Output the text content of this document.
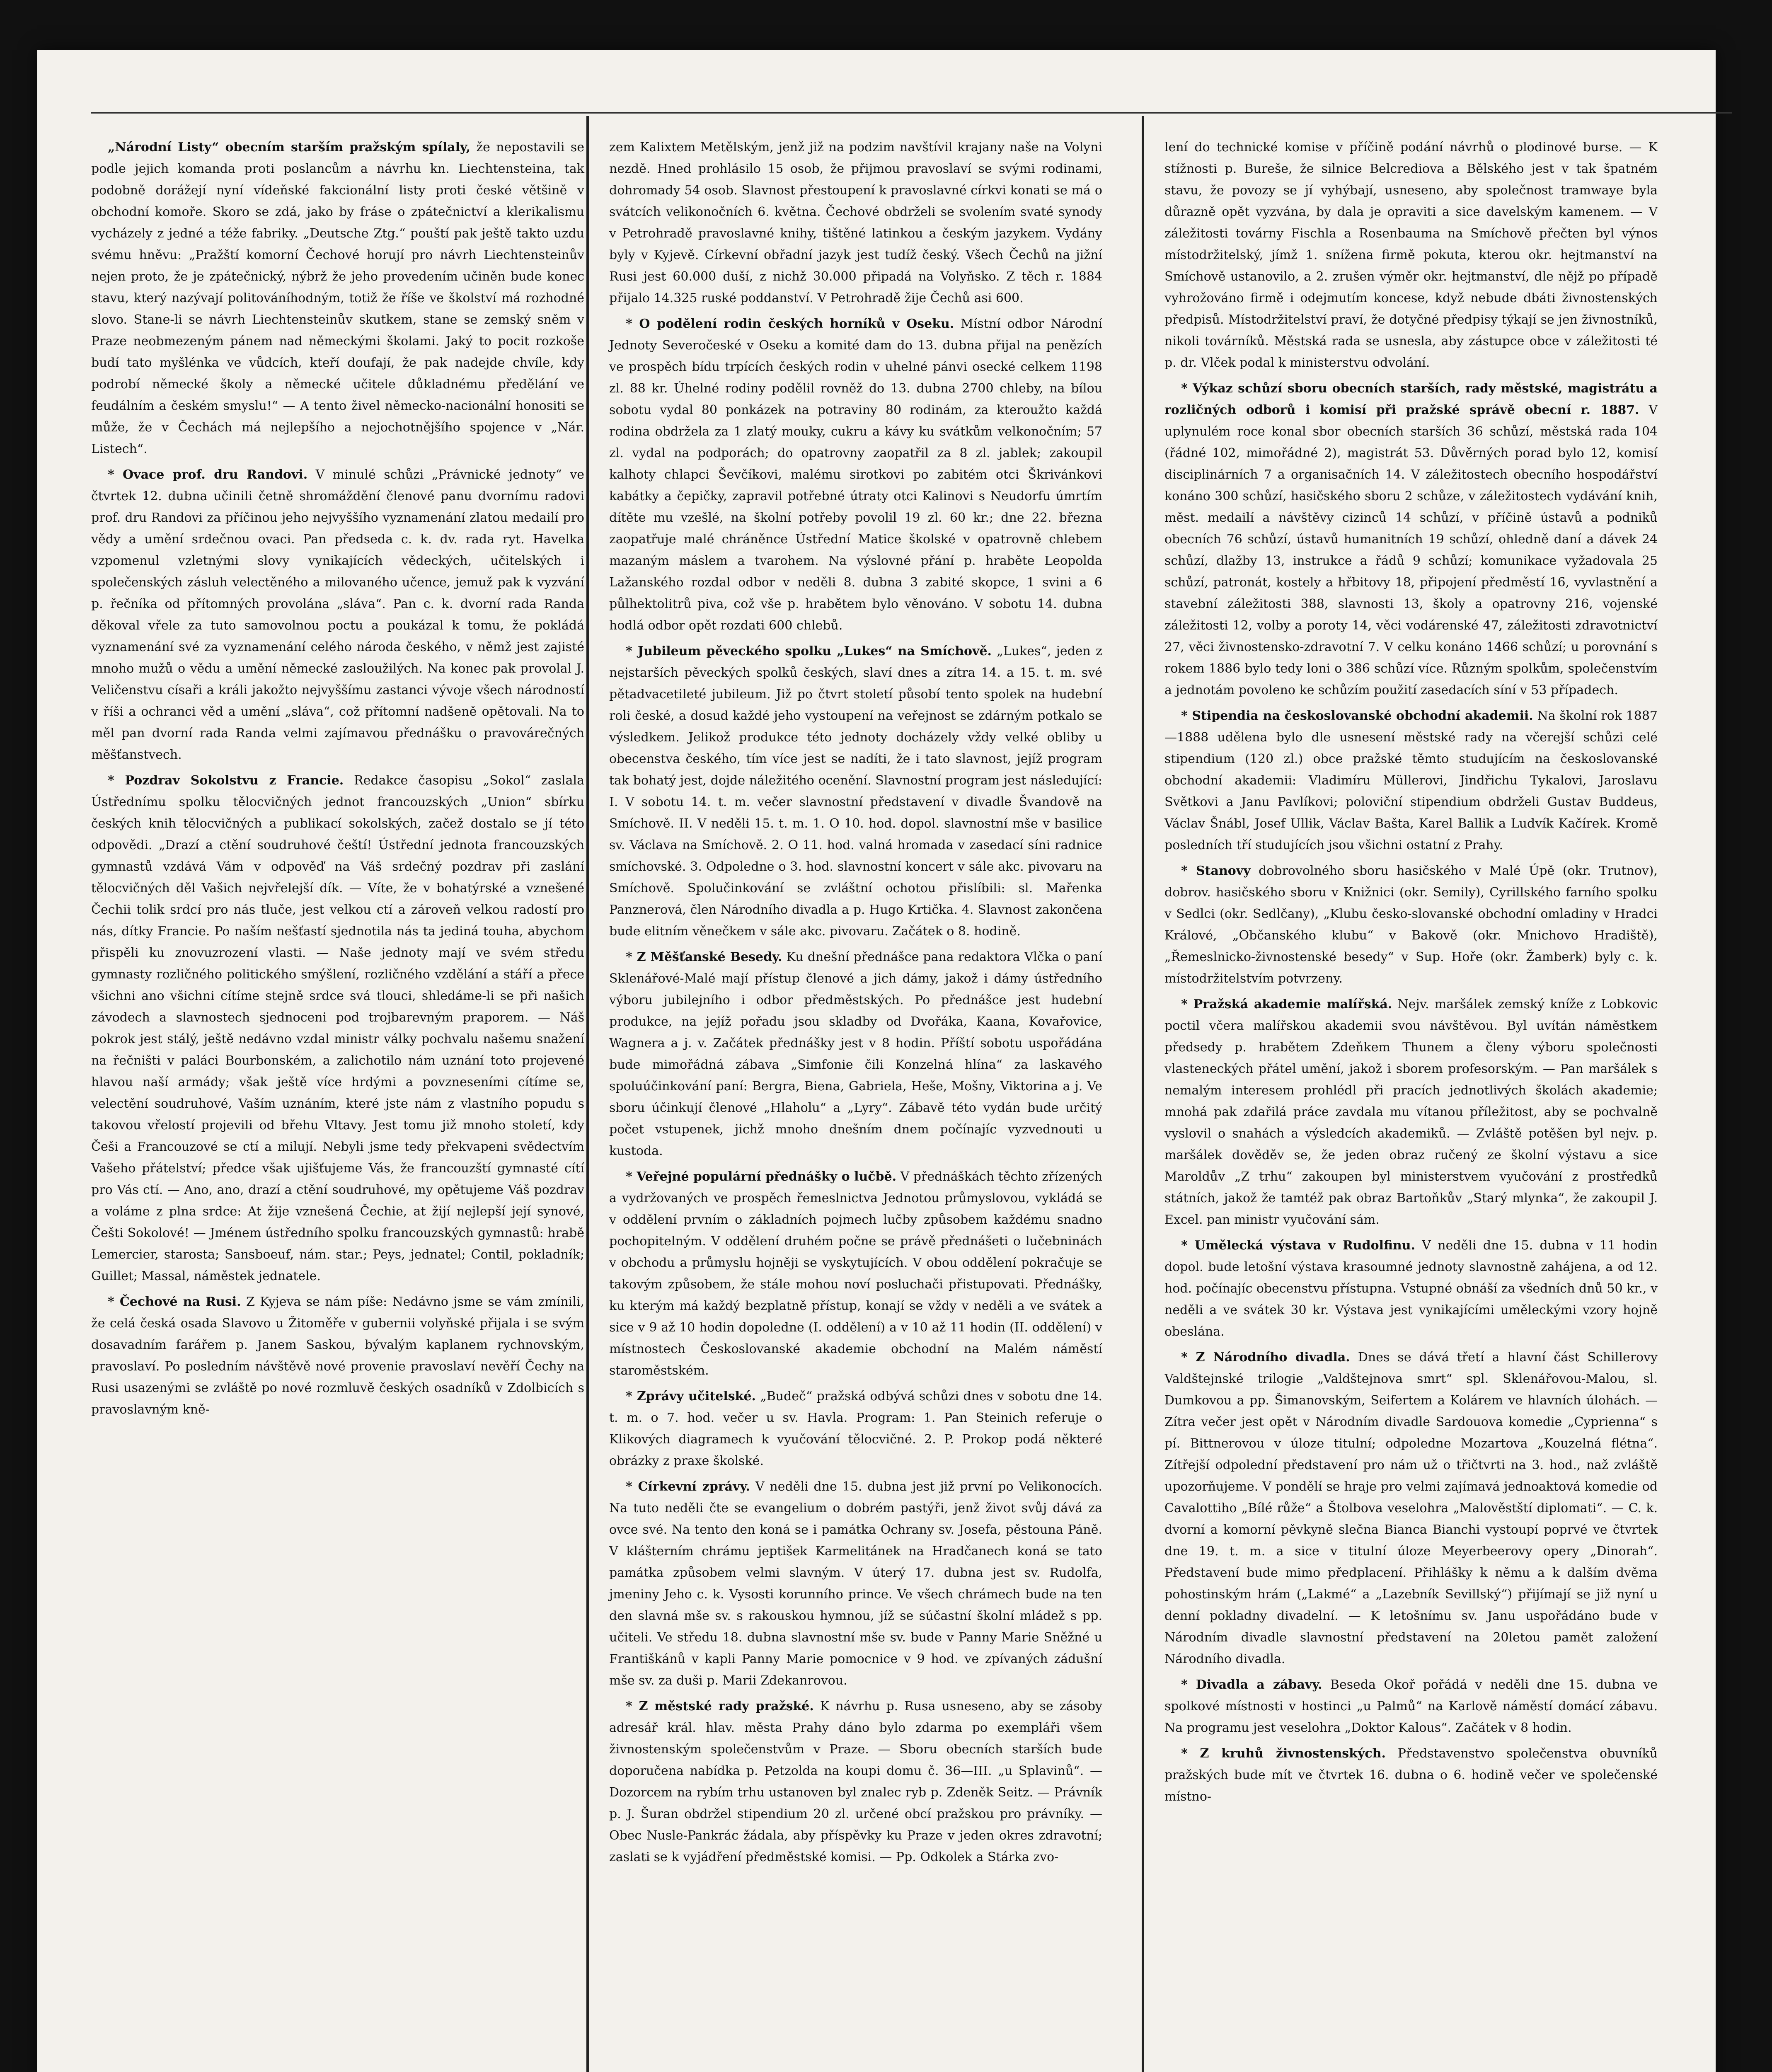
„Národní Listy“ obecním starším pražským spílaly, že nepostavili se podle jejich komanda proti poslancům a návrhu kn. Liechtensteina, tak podobně dorážejí nyní vídeňské fakcionální listy proti české většině v obchodní komoře. Skoro se zdá, jako by fráse o zpátečnictví a klerikalismu vycházely z jedné a téže fabriky. „Deutsche Ztg.“ pouští pak ještě takto uzdu svému hněvu: „Pražští komorní Čechové horují pro návrh Liechtensteinův nejen proto, že je zpátečnický, nýbrž že jeho provedením učiněn bude konec stavu, který nazývají politováníhodným, totiž že říše ve školství má rozhodné slovo. Stane-li se návrh Liechtensteinův skutkem, stane se zemský sněm v Praze neobmezeným pánem nad německými školami. Jaký to pocit rozkoše budí tato myšlénka ve vůdcích, kteří doufají, že pak nadejde chvíle, kdy podrobí německé školy a německé učitele důkladnému předělání ve feudálním a českém smyslu!“ — A tento živel německo-nacionální honositi se může, že v Čechách má nejlepšího a nejochotnějšího spojence v „Nár. Listech“.

* Ovace prof. dru Randovi. V minulé schůzi „Právnické jednoty“ ve čtvrtek 12. dubna učinili četně shromáždění členové panu dvornímu radovi prof. dru Randovi za příčinou jeho nejvyššího vyznamenání zlatou medailí pro vědy a umění srdečnou ovaci. Pan předseda c. k. dv. rada ryt. Havelka vzpomenul vzletnými slovy vynikajících vědeckých, učitelských i společenských zásluh velectěného a milovaného učence, jemuž pak k vyzvání p. řečníka od přítomných provolána „sláva“. Pan c. k. dvorní rada Randa děkoval vřele za tuto samovolnou poctu a poukázal k tomu, že pokládá vyznamenání své za vyznamenání celého národa českého, v němž jest zajisté mnoho mužů o vědu a umění německé zasloužilých. Na konec pak provolal J. Veličenstvu císaři a králi jakožto nejvyššímu zastanci vývoje všech národností v říši a ochranci věd a umění „sláva“, což přítomní nadšeně opětovali. Na to měl pan dvorní rada Randa velmi zajímavou přednášku o pravovárečných měšťanstvech.

* Pozdrav Sokolstvu z Francie. Redakce časopisu „Sokol“ zaslala Ústřednímu spolku tělocvičných jednot francouzských „Union“ sbírku českých knih tělocvičných a publikací sokolských, začež dostalo se jí této odpovědi. „Drazí a ctění soudruhové čeští! Ústřední jednota francouzských gymnastů vzdává Vám v odpověď na Váš srdečný pozdrav při zaslání tělocvičných děl Vašich nejvřelejší dík. — Víte, že v bohatýrské a vznešené Čechii tolik srdcí pro nás tluče, jest velkou ctí a zároveň velkou radostí pro nás, dítky Francie. Po naším nešťastí sjednotila nás ta jediná touha, abychom přispěli ku znovuzrození vlasti. — Naše jednoty mají ve svém středu gymnasty rozličného politického smýšlení, rozličného vzdělání a stáří a přece všichni ano všichni cítíme stejně srdce svá tlouci, shledáme-li se při našich závodech a slavnostech sjednoceni pod trojbarevným praporem. — Náš pokrok jest stálý, ještě nedávno vzdal ministr války pochvalu našemu snažení na řečništi v paláci Bourbonském, a zalichotilo nám uznání toto projevené hlavou naší armády; však ještě více hrdými a povzneseními cítíme se, velectění soudruhové, Vaším uznáním, které jste nám z vlastního popudu s takovou vřelostí projevili od břehu Vltavy. Jest tomu již mnoho století, kdy Češi a Francouzové se ctí a milují. Nebyli jsme tedy překvapeni svědectvím Vašeho přátelství; předce však ujišťujeme Vás, že francouzští gymnasté cítí pro Vás ctí. — Ano, ano, drazí a ctění soudruhové, my opětujeme Váš pozdrav a voláme z plna srdce: At žije vznešená Čechie, at žijí nejlepší její synové, Češti Sokolové! — Jménem ústředního spolku francouzských gymnastů: hrabě Lemercier, starosta; Sansboeuf, nám. star.; Peys, jednatel; Contil, pokladník; Guillet; Massal, náměstek jednatele.

* Čechové na Rusi. Z Kyjeva se nám píše: Nedávno jsme se vám zmínili, že celá česká osada Slavovo u Žitoměře v gubernii volyňské přijala i se svým dosavadním farářem p. Janem Saskou, bývalým kaplanem rychnovským, pravoslaví. Po posledním návštěvě nové provenie pravoslaví nevěří Čechy na Rusi usazenými se zvláště po nové rozmluvě českých osadníků v Zdolbicích s pravoslavným kně-

zem Kalixtem Metělským, jenž již na podzim navštívil krajany naše na Volyni nezdě. Hned prohlásilo 15 osob, že přijmou pravoslaví se svými rodinami, dohromady 54 osob. Slavnost přestoupení k pravoslavné církvi konati se má o svátcích velikonočních 6. května. Čechové obdrželi se svolením svaté synody v Petrohradě pravoslavné knihy, tištěné latinkou a českým jazykem. Vydány byly v Kyjevě. Církevní obřadní jazyk jest tudíž český. Všech Čechů na jižní Rusi jest 60.000 duší, z nichž 30.000 připadá na Volyňsko. Z těch r. 1884 přijalo 14.325 ruské poddanství. V Petrohradě žije Čechů asi 600.

* O podělení rodin českých horníků v Oseku. Místní odbor Národní Jednoty Severočeské v Oseku a komité dam do 13. dubna přijal na penězích ve prospěch bídu trpících českých rodin v uhelné pánvi osecké celkem 1198 zl. 88 kr. Úhelné rodiny podělil rovněž do 13. dubna 2700 chleby, na bílou sobotu vydal 80 ponkázek na potraviny 80 rodinám, za kteroužto každá rodina obdržela za 1 zlatý mouky, cukru a kávy ku svátkům velkonočním; 57 zl. vydal na podporách; do opatrovny zaopatřil za 8 zl. jablek; zakoupil kalhoty chlapci Ševčíkovi, malému sirotkovi po zabitém otci Škrivánkovi kabátky a čepičky, zapravil potřebné útraty otci Kalinovi s Neudorfu úmrtím dítěte mu vzešlé, na školní potřeby povolil 19 zl. 60 kr.; dne 22. března zaopatřuje malé chráněnce Ústřední Matice školské v opatrovně chlebem mazaným máslem a tvarohem. Na výslovné přání p. hraběte Leopolda Lažanského rozdal odbor v neděli 8. dubna 3 zabité skopce, 1 svini a 6 půlhektolitrů piva, což vše p. hrabětem bylo věnováno. V sobotu 14. dubna hodlá odbor opět rozdati 600 chlebů.

* Jubileum pěveckého spolku „Lukes“ na Smíchově. „Lukes“, jeden z nejstarších pěveckých spolků českých, slaví dnes a zítra 14. a 15. t. m. své pětadvacetileté jubileum. Již po čtvrt století působí tento spolek na hudební roli české, a dosud každé jeho vystoupení na veřejnost se zdárným potkalo se výsledkem. Jelikož produkce této jednoty docházely vždy velké obliby u obecenstva českého, tím více jest se nadíti, že i tato slavnost, jejíž program tak bohatý jest, dojde náležitého ocenění. Slavnostní program jest následující: I. V sobotu 14. t. m. večer slavnostní představení v divadle Švandově na Smíchově. II. V neděli 15. t. m. 1. O 10. hod. dopol. slavnostní mše v basilice sv. Václava na Smíchově. 2. O 11. hod. valná hromada v zasedací síni radnice smíchovské. 3. Odpoledne o 3. hod. slavnostní koncert v sále akc. pivovaru na Smíchově. Spolučinkování se zvláštní ochotou přislíbili: sl. Mařenka Panznerová, člen Národního divadla a p. Hugo Krtička. 4. Slavnost zakončena bude elitním věnečkem v sále akc. pivovaru. Začátek o 8. hodině.

* Z Měšťanské Besedy. Ku dnešní přednášce pana redaktora Vlčka o paní Sklenářové-Malé mají přístup členové a jich dámy, jakož i dámy ústředního výboru jubilejního i odbor předměstských. Po přednášce jest hudební produkce, na jejíž pořadu jsou skladby od Dvořáka, Kaana, Kovařovice, Wagnera a j. v. Začátek přednášky jest v 8 hodin. Příští sobotu uspořádána bude mimořádná zábava „Simfonie čili Konzelná hlína“ za laskavého spoluúčinkování paní: Bergra, Biena, Gabriela, Heše, Mošny, Viktorina a j. Ve sboru účinkují členové „Hlaholu“ a „Lyry“. Zábavě této vydán bude určitý počet vstupenek, jichž mnoho dnešním dnem počínajíc vyzvednouti u kustoda.

* Veřejné populární přednášky o lučbě. V přednáškách těchto zřízených a vydržovaných ve prospěch řemeslnictva Jednotou průmyslovou, vykládá se v oddělení prvním o základních pojmech lučby způsobem každému snadno pochopitelným. V oddělení druhém počne se právě přednášeti o lučebninách v obchodu a průmyslu hojněji se vyskytujících. V obou oddělení pokračuje se takovým způsobem, že stále mohou noví posluchači přistupovati. Přednášky, ku kterým má každý bezplatně přístup, konají se vždy v neděli a ve svátek a sice v 9 až 10 hodin dopoledne (I. oddělení) a v 10 až 11 hodin (II. oddělení) v místnostech Českoslovanské akademie obchodní na Malém náměstí staroměstském.

* Zprávy učitelské. „Budeč“ pražská odbývá schůzi dnes v sobotu dne 14. t. m. o 7. hod. večer u sv. Havla. Program: 1. Pan Steinich referuje o Klikových diagramech k vyučování tělocvičné. 2. P. Prokop podá některé obrázky z praxe školské.

* Církevní zprávy. V neděli dne 15. dubna jest již první po Velikonocích. Na tuto neděli čte se evangelium o dobrém pastýři, jenž život svůj dává za ovce své. Na tento den koná se i památka Ochrany sv. Josefa, pěstouna Páně. V klášterním chrámu jeptišek Karmelitánek na Hradčanech koná se tato památka způsobem velmi slavným. V úterý 17. dubna jest sv. Rudolfa, jmeniny Jeho c. k. Vysosti korunního prince. Ve všech chrámech bude na ten den slavná mše sv. s rakouskou hymnou, jíž se súčastní školní mládež s pp. učiteli. Ve středu 18. dubna slavnostní mše sv. bude v Panny Marie Sněžné u Františkánů v kapli Panny Marie pomocnice v 9 hod. ve zpívaných zádušní mše sv. za duši p. Marii Zdekanrovou.

* Z městské rady pražské. K návrhu p. Rusa usneseno, aby se zásoby adresář král. hlav. města Prahy dáno bylo zdarma po exempláři všem živnostenským společenstvům v Praze. — Sboru obecních starších bude doporučena nabídka p. Petzolda na koupi domu č. 36—III. „u Splavinů“. — Dozorcem na rybím trhu ustanoven byl znalec ryb p. Zdeněk Seitz. — Právník p. J. Šuran obdržel stipendium 20 zl. určené obcí pražskou pro právníky. — Obec Nusle-Pankrác žádala, aby příspěvky ku Praze v jeden okres zdravotní; zaslati se k vyjádření předměstské komisi. — Pp. Odkolek a Stárka zvo-

lení do technické komise v příčině podání návrhů o plodinové burse. — K stížnosti p. Bureše, že silnice Belcrediova a Bělského jest v tak špatném stavu, že povozy se jí vyhýbají, usneseno, aby společnost tramwaye byla důrazně opět vyzvána, by dala je opraviti a sice davelským kamenem. — V záležitosti továrny Fischla a Rosenbauma na Smíchově přečten byl výnos místodržitelský, jímž 1. snížena firmě pokuta, kterou okr. hejtmanství na Smíchově ustanovilo, a 2. zrušen výměr okr. hejtmanství, dle nějž po případě vyhrožováno firmě i odejmutím koncese, když nebude dbáti živnostenských předpisů. Místodržitelství praví, že dotyčné předpisy týkají se jen živnostníků, nikoli továrníků. Městská rada se usnesla, aby zástupce obce v záležitosti té p. dr. Vlček podal k ministerstvu odvolání.

* Výkaz schůzí sboru obecních starších, rady městské, magistrátu a rozličných odborů i komisí při pražské správě obecní r. 1887. V uplynulém roce konal sbor obecních starších 36 schůzí, městská rada 104 (řádné 102, mimořádné 2), magistrát 53. Důvěrných porad bylo 12, komisí disciplinárních 7 a organisačních 14. V záležitostech obecního hospodářství konáno 300 schůzí, hasičského sboru 2 schůze, v záležitostech vydávání knih, měst. medailí a návštěvy cizinců 14 schůzí, v příčině ústavů a podniků obecních 76 schůzí, ústavů humanitních 19 schůzí, ohledně daní a dávek 24 schůzí, dlažby 13, instrukce a řádů 9 schůzí; komunikace vyžadovala 25 schůzí, patronát, kostely a hřbitovy 18, připojení předměstí 16, vyvlastnění a stavební záležitosti 388, slavnosti 13, školy a opatrovny 216, vojenské záležitosti 12, volby a poroty 14, věci vodárenské 47, záležitosti zdravotnictví 27, věci živnostensko-zdravotní 7. V celku konáno 1466 schůzí; u porovnání s rokem 1886 bylo tedy loni o 386 schůzí více. Různým spolkům, společenstvím a jednotám povoleno ke schůzím použití zasedacích síní v 53 případech.

* Stipendia na českoslovanské obchodní akademii. Na školní rok 1887—1888 udělena bylo dle usnesení městské rady na včerejší schůzi celé stipendium (120 zl.) obce pražské těmto studujícím na českoslovanské obchodní akademii: Vladimíru Müllerovi, Jindřichu Tykalovi, Jaroslavu Světkovi a Janu Pavlíkovi; poloviční stipendium obdrželi Gustav Buddeus, Václav Šnábl, Josef Ullik, Václav Bašta, Karel Ballik a Ludvík Kačírek. Kromě posledních tří studujících jsou všichni ostatní z Prahy.

* Stanovy dobrovolného sboru hasičského v Malé Úpě (okr. Trutnov), dobrov. hasičského sboru v Knižnici (okr. Semily), Cyrillského farního spolku v Sedlci (okr. Sedlčany), „Klubu česko-slovanské obchodní omladiny v Hradci Králové, „Občanského klubu“ v Bakově (okr. Mnichovo Hradiště), „Řemeslnicko-živnostenské besedy“ v Sup. Hoře (okr. Žamberk) byly c. k. místodržitelstvím potvrzeny.

* Pražská akademie malířská. Nejv. maršálek zemský kníže z Lobkovic poctil včera malířskou akademii svou návštěvou. Byl uvítán náměstkem předsedy p. hrabětem Zdeňkem Thunem a členy výboru společnosti vlasteneckých přátel umění, jakož i sborem profesorským. — Pan maršálek s nemalým interesem prohlédl při pracích jednotlivých školách akademie; mnohá pak zdařilá práce zavdala mu vítanou příležitost, aby se pochvalně vyslovil o snahách a výsledcích akademiků. — Zvláště potěšen byl nejv. p. maršálek dověděv se, že jeden obraz ručený ze školní výstavu a sice Maroldův „Z trhu“ zakoupen byl ministerstvem vyučování z prostředků státních, jakož že tamtéž pak obraz Bartoňkův „Starý mlynka“, že zakoupil J. Excel. pan ministr vyučování sám.

* Umělecká výstava v Rudolfinu. V neděli dne 15. dubna v 11 hodin dopol. bude letošní výstava krasoumné jednoty slavnostně zahájena, a od 12. hod. počínajíc obecenstvu přístupna. Vstupné obnáší za všedních dnů 50 kr., v neděli a ve svátek 30 kr. Výstava jest vynikajícími uměleckými vzory hojně obeslána.

* Z Národního divadla. Dnes se dává třetí a hlavní část Schillerovy Valdštejnské trilogie „Valdštejnova smrt“ spl. Sklenářovou-Malou, sl. Dumkovou a pp. Šimanovským, Seifertem a Kolárem ve hlavních úlohách. — Zítra večer jest opět v Národním divadle Sardouova komedie „Cyprienna“ s pí. Bittnerovou v úloze titulní; odpoledne Mozartova „Kouzelná flétna“. Zítřejší odpolední představení pro nám už o třičtvrti na 3. hod., naž zvláště upozorňujeme. V pondělí se hraje pro velmi zajímavá jednoaktová komedie od Cavalottiho „Bílé růže“ a Štolbova veselohra „Malověstští diplomati“. — C. k. dvorní a komorní pěvkyně slečna Bianca Bianchi vystoupí poprvé ve čtvrtek dne 19. t. m. a sice v titulní úloze Meyerbeerovy opery „Dinorah“. Představení bude mimo předplacení. Přihlášky k němu a k dalším dvěma pohostinským hrám („Lakmé“ a „Lazebník Sevillský“) přijímají se již nyní u denní pokladny divadelní. — K letošnímu sv. Janu uspořádáno bude v Národním divadle slavnostní představení na 20letou pamět založení Národního divadla.

* Divadla a zábavy. Beseda Okoř pořádá v neděli dne 15. dubna ve spolkové místnosti v hostinci „u Palmů“ na Karlově náměstí domácí zábavu. Na programu jest veselohra „Doktor Kalous“. Začátek v 8 hodin.

* Z kruhů živnostenských. Představenstvo společenstva obuvníků pražských bude mít ve čtvrtek 16. dubna o 6. hodině večer ve společenské místno-
